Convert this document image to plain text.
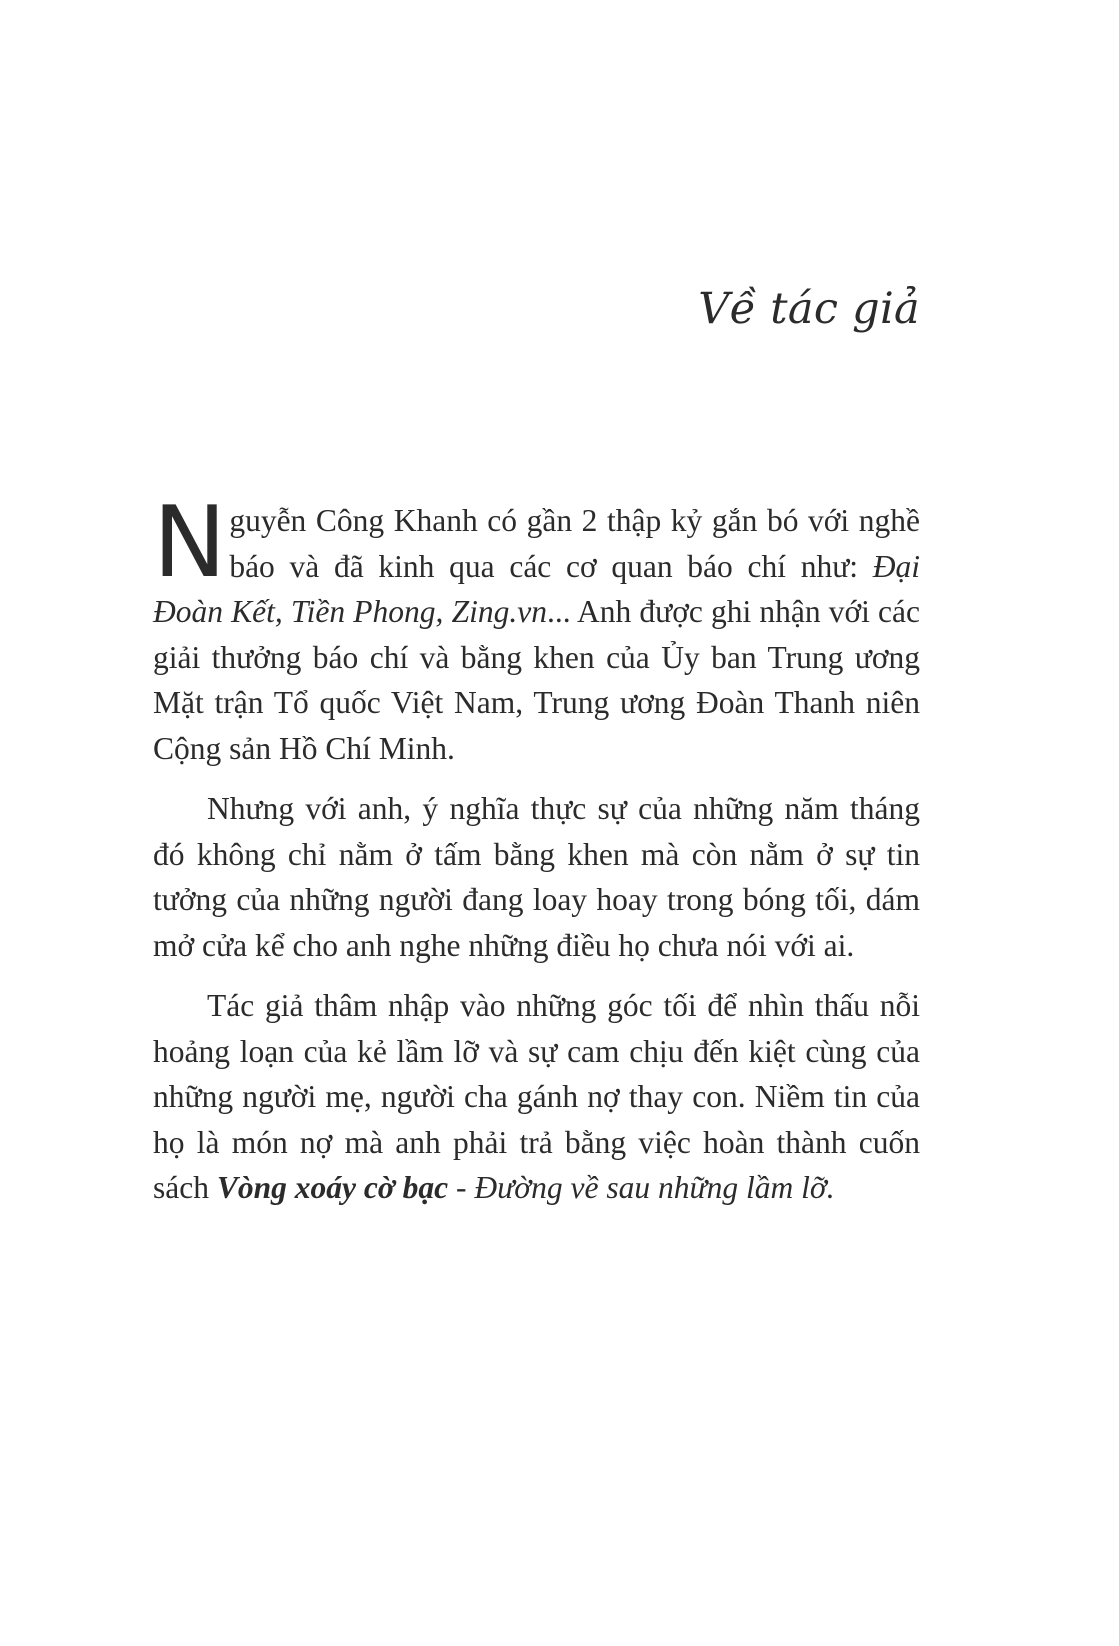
Về tác giả

Nguyễn Công Khanh có gần 2 thập kỷ gắn bó với nghề báo và đã kinh qua các cơ quan báo chí như: Đại Đoàn Kết, Tiền Phong, Zing.vn... Anh được ghi nhận với các giải thưởng báo chí và bằng khen của Ủy ban Trung ương Mặt trận Tổ quốc Việt Nam, Trung ương Đoàn Thanh niên Cộng sản Hồ Chí Minh.

Nhưng với anh, ý nghĩa thực sự của những năm tháng đó không chỉ nằm ở tấm bằng khen mà còn nằm ở sự tin tưởng của những người đang loay hoay trong bóng tối, dám mở cửa kể cho anh nghe những điều họ chưa nói với ai.

Tác giả thâm nhập vào những góc tối để nhìn thấu nỗi hoảng loạn của kẻ lầm lỡ và sự cam chịu đến kiệt cùng của những người mẹ, người cha gánh nợ thay con. Niềm tin của họ là món nợ mà anh phải trả bằng việc hoàn thành cuốn sách Vòng xoáy cờ bạc - Đường về sau những lầm lỡ.
